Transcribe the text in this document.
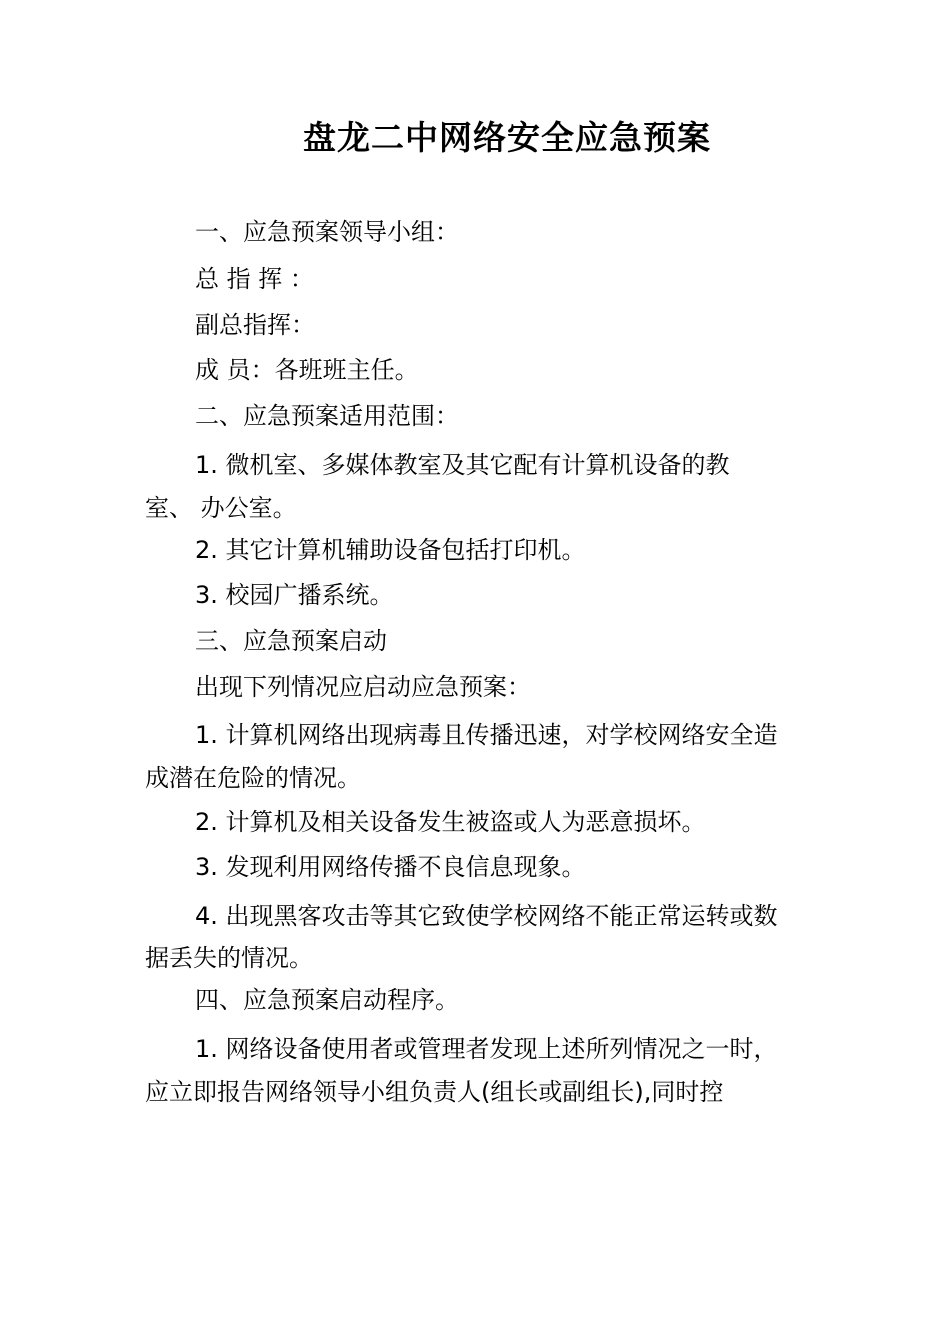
盘龙二中网络安全应急预案
一、应急预案领导小组：
总 指 挥 ：
副总指挥：
成 员：各班班主任。
二、应急预案适用范围：
1. 微机室、多媒体教室及其它配有计算机设备的教
室、 办公室。
2. 其它计算机辅助设备包括打印机。
3. 校园广播系统。
三、应急预案启动
出现下列情况应启动应急预案：
1. 计算机网络出现病毒且传播迅速，对学校网络安全造
成潜在危险的情况。
2. 计算机及相关设备发生被盗或人为恶意损坏。
3. 发现利用网络传播不良信息现象。
4. 出现黑客攻击等其它致使学校网络不能正常运转或数
据丢失的情况。
四、应急预案启动程序。
1. 网络设备使用者或管理者发现上述所列情况之一时，
应立即报告网络领导小组负责人(组长或副组长),同时控
